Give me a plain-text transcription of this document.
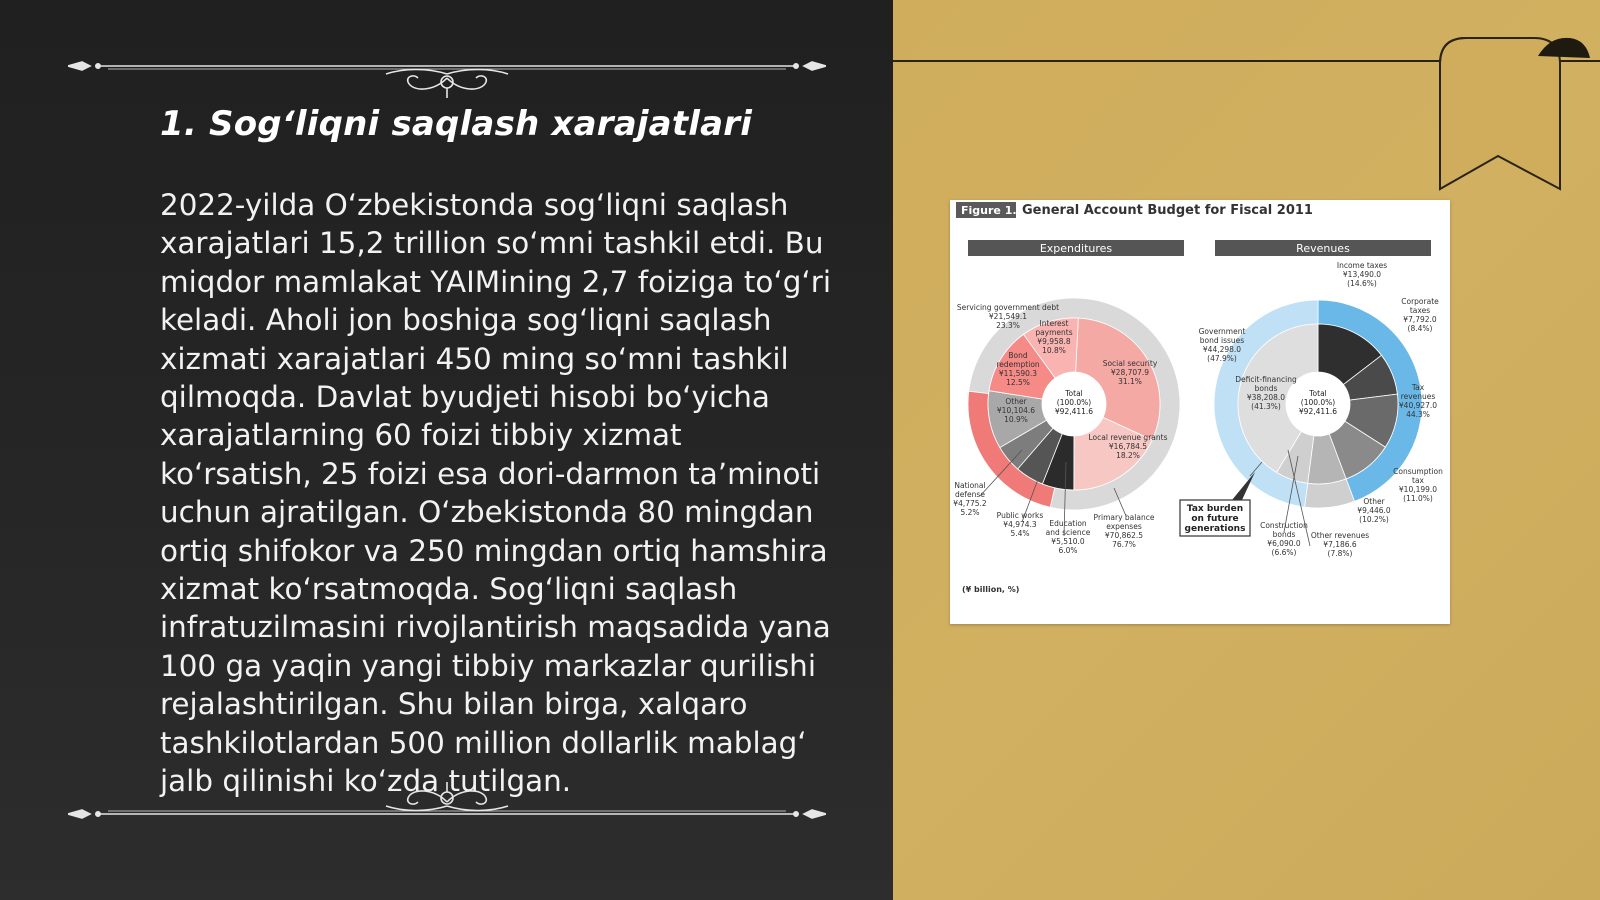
1. Sog‘liqni saqlash xarajatlari

2022-yilda O‘zbekistonda sog‘liqni saqlash xarajatlari 15,2 trillion so‘mni tashkil etdi. Bu miqdor mamlakat YAIMining 2,7 foiziga to‘g‘ri keladi. Aholi jon boshiga sog‘liqni saqlash xizmati xarajatlari 450 ming so‘mni tashkil qilmoqda. Davlat byudjeti hisobi bo‘yicha xarajatlarning 60 foizi tibbiy xizmat ko‘rsatish, 25 foizi esa dori-darmon ta’minoti uchun ajratilgan. O‘zbekistonda 80 mingdan ortiq shifokor va 250 mingdan ortiq hamshira xizmat ko‘rsatmoqda. Sog‘liqni saqlash infratuzilmasini rivojlantirish maqsadida yana 100 ga yaqin yangi tibbiy markazlar qurilishi rejalashtirilgan. Shu bilan birga, xalqaro tashkilotlardan 500 million dollarlik mablag‘ jalb qilinishi ko‘zda tutilgan.

Figure 1. General Account Budget for Fiscal 2011
Expenditures	Revenues
Total
(100.0%)
¥92,411.6
Total
(100.0%)
¥92,411.6
Servicing government debt
¥21,549.1
23.3%	Interest
payments
¥9,958.8
10.8%
Bond
redemption
¥11,590.3
12.5%
Social security
¥28,707.9
31.1%
Other
¥10,104.6
10.9%
Local revenue grants
¥16,784.5
18.2%
National
defense
¥4,775.2
5.2% Public works
¥4,974.3
5.4%
Education
and science
¥5,510.0
6.0%
Primary balance
expenses
¥70,862.5
76.7%
Income taxes
¥13,490.0
(14.6%)
Corporate
taxes
¥7,792.0
(8.4%)
Government
bond issues
¥44,298.0
(47.9%)
Deficit-financing
bonds
¥38,208.0
(41.3%)
Tax
revenues
¥40,927.0
44.3%
Consumption
tax
¥10,199.0
(11.0%)
Other
¥9,446.0
(10.2%)
Construction
bonds
¥6,090.0
(6.6%)
Other revenues
¥7,186.6
(7.8%)
Tax burden
on future
generations
(¥ billion, %)
